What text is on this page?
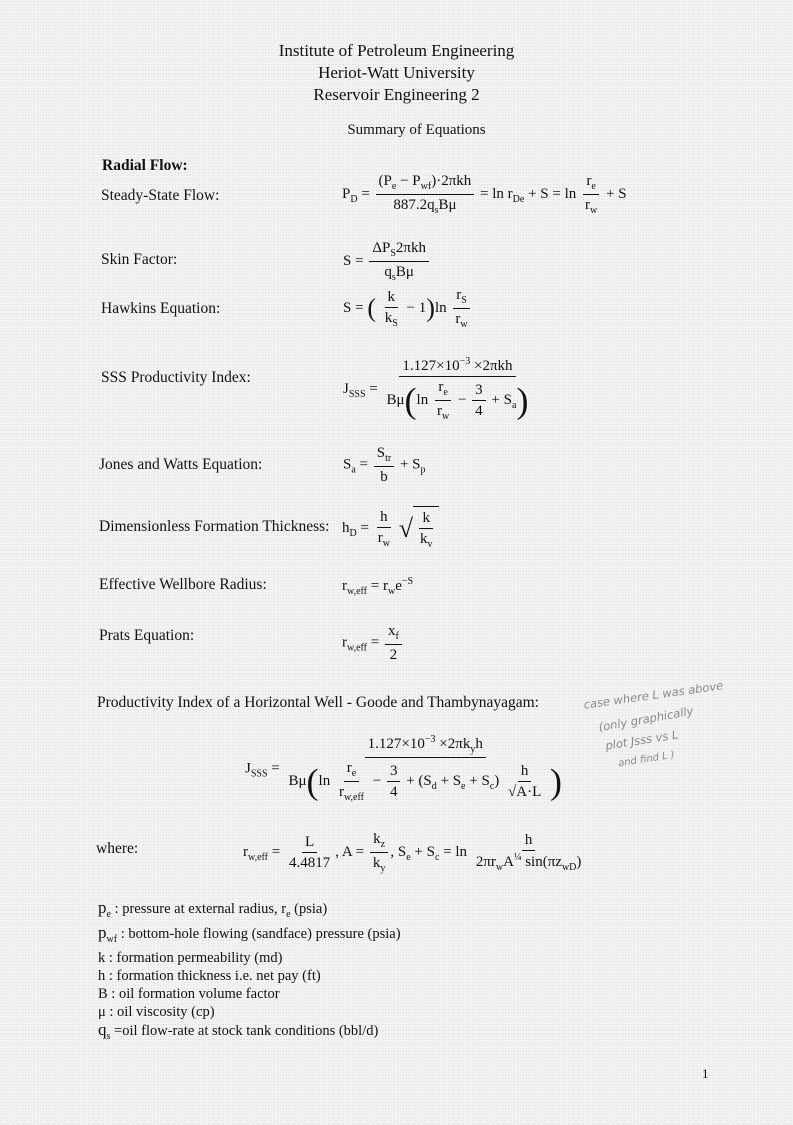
Institute of Petroleum Engineering
Heriot-Watt University
Reservoir Engineering 2
Summary of Equations
Radial Flow:
Steady-State Flow:	$P_D = \frac{(P_e - P_{wf})\cdot 2\pi kh}{887.2q_sB\mu} = \ln r_{De} + S = \ln \frac{r_e}{r_w} + S$
Skin Factor:	$S = \frac{\Delta P_S2\pi kh}{q_sB\mu}$
Hawkins Equation:	S = ( $\frac{k}{k_S} - 1)\ln \frac{r_S}{r_w}$
SSS Productivity Index:
$J_{SSS} = \frac{1.127\times 10^{-3} \times 2\pi kh}{B\mu(\ln \frac{r_e}{r_w} - \frac{3}{4} + S_a)}$
Jones and Watts Equation:	$S_a = \frac{S_{tr}}{b} + S_p$
Dimensionless Formation Thickness: $h_D = \frac{h}{r_w}$
√ $\frac{k}{k_v}$
Effective Wellbore Radius:	$r_{w,eff} = r_we^{-S}$
Prats Equation:	$r_{w,eff} = \frac{x_f}{2}$
Productivity Index of a Horizontal Well - Goode and Thambynayagam:
$J_{SSS}$ =
$1.127\times 10^{-3} \times 2\pi k_yh$
$B\mu(\ln \frac{r_e}{r_{w,eff}} - \frac{3}{4} + (S_d + S_e + S_c) \frac{h}{√A\cdot L}$ )
where:	$r_{w,eff} = \frac{L}{4.4817}$ , $A = \frac{k_z}{k_y}$ , $S_e + S_c = \ln \frac{h}{2\pi r_wA^{\frac{1}{4}} \sin(\pi z_{wD})}$
$p_e$ : pressure at external radius, $r_e$ (psia)
$p_{wf}$ : bottom-hole flowing (sandface) pressure (psia)
k : formation permeability (md)
h : formation thickness i.e. net pay (ft)
B : oil formation volume factor
μ : oil viscosity (cp)
$q_s =oil$ flow-rate at stock tank conditions (bbl/d)
case where L was above
(only graphically
plot Jsss vs L
and find L )
1
